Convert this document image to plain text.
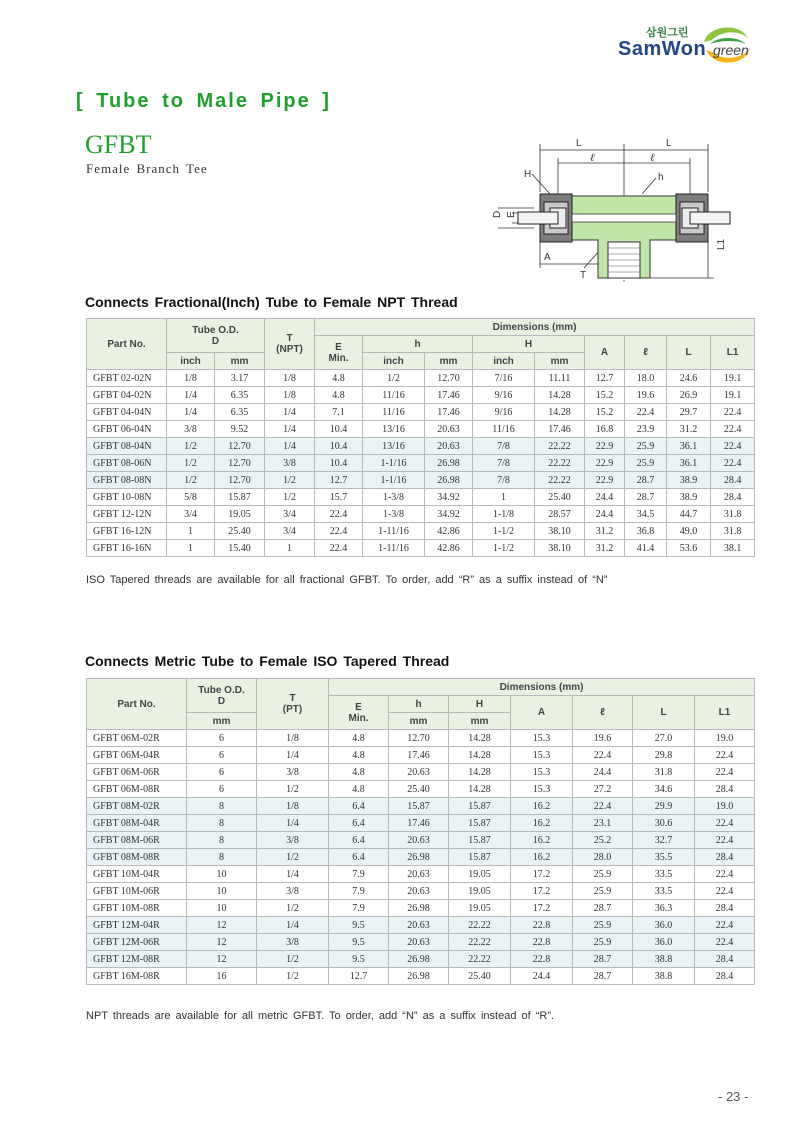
삼원그린
SamWon green
[ Tube to Male Pipe ]
GFBT
Female Branch Tee
L	L
ℓ	ℓ
H	h
D E
A
T
L1
Connects Fractional(Inch) Tube to Female NPT Thread
Part No.	Tube O.D.
D		T
(NPT)	Dimensions (mm)								
				E
Min.	h		H		A	ℓ	L	L1
	inch	mm			inch	mm	inch	mm				
GFBT 02-02N	1/8	3.17	1/8	4.8	1/2	12.70	7/16	11.11	12.7	18.0	24.6	19.1
GFBT 04-02N	1/4	6.35	1/8	4.8	11/16	17.46	9/16	14.28	15.2	19.6	26.9	19.1
GFBT 04-04N	1/4	6.35	1/4	7.1	11/16	17.46	9/16	14.28	15.2	22.4	29.7	22.4
GFBT 06-04N	3/8	9.52	1/4	10.4	13/16	20.63	11/16	17.46	16.8	23.9	31.2	22.4
GFBT 08-04N	1/2	12.70	1/4	10.4	13/16	20.63	7/8	22.22	22.9	25.9	36.1	22.4
GFBT 08-06N	1/2	12.70	3/8	10.4	1-1/16	26.98	7/8	22.22	22.9	25.9	36.1	22.4
GFBT 08-08N	1/2	12.70	1/2	12.7	1-1/16	26.98	7/8	22.22	22.9	28.7	38.9	28.4
GFBT 10-08N	5/8	15.87	1/2	15.7	1-3/8	34.92	1	25.40	24.4	28.7	38.9	28.4
GFBT 12-12N	3/4	19.05	3/4	22.4	1-3/8	34.92	1-1/8	28.57	24.4	34.5	44.7	31.8
GFBT 16-12N	1	25.40	3/4	22.4	1-11/16	42.86	1-1/2	38.10	31.2	36.8	49.0	31.8
GFBT 16-16N	1	15.40	1	22.4	1-11/16	42.86	1-1/2	38.10	31.2	41.4	53.6	38.1
ISO Tapered threads are available for all fractional GFBT. To order, add “R” as a suffix instead of “N”
Connects Metric Tube to Female ISO Tapered Thread
Part No.	Tube O.D.
D	T
(PT)	Dimensions (mm)						
			E
Min.	h	H	A	ℓ	L	L1
	mm			mm	mm				
GFBT 06M-02R	6	1/8	4.8	12.70	14.28	15.3	19.6	27.0	19.0
GFBT 06M-04R	6	1/4	4.8	17.46	14.28	15.3	22.4	29.8	22.4
GFBT 06M-06R	6	3/8	4.8	20.63	14.28	15.3	24.4	31.8	22.4
GFBT 06M-08R	6	1/2	4.8	25.40	14.28	15.3	27.2	34.6	28.4
GFBT 08M-02R	8	1/8	6.4	15.87	15.87	16.2	22.4	29.9	19.0
GFBT 08M-04R	8	1/4	6.4	17.46	15.87	16.2	23.1	30.6	22.4
GFBT 08M-06R	8	3/8	6.4	20.63	15.87	16.2	25.2	32.7	22.4
GFBT 08M-08R	8	1/2	6.4	26.98	15.87	16.2	28.0	35.5	28.4
GFBT 10M-04R	10	1/4	7.9	20.63	19.05	17.2	25.9	33.5	22.4
GFBT 10M-06R	10	3/8	7.9	20.63	19.05	17.2	25.9	33.5	22.4
GFBT 10M-08R	10	1/2	7.9	26.98	19.05	17.2	28.7	36.3	28.4
GFBT 12M-04R	12	1/4	9.5	20.63	22.22	22.8	25.9	36.0	22.4
GFBT 12M-06R	12	3/8	9.5	20.63	22.22	22.8	25.9	36.0	22.4
GFBT 12M-08R	12	1/2	9.5	26.98	22.22	22.8	28.7	38.8	28.4
GFBT 16M-08R	16	1/2	12.7	26.98	25.40	24.4	28.7	38.8	28.4
NPT threads are available for all metric GFBT. To order, add “N” as a suffix instead of “R”.
- 23 -
